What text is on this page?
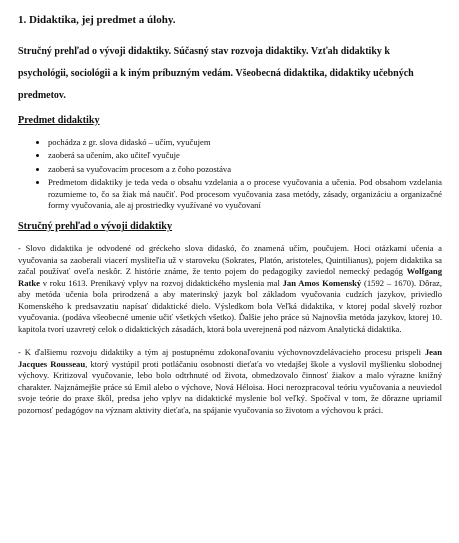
1. Didaktika, jej predmet a úlohy.
Stručný prehľad o vývoji didaktiky. Súčasný stav rozvoja didaktiky. Vzťah didaktiky k psychológii, sociológii a k iným príbuzným vedám. Všeobecná didaktika, didaktiky učebných predmetov.
Predmet didaktiky
• pochádza z gr. slova didaskó – učím, vyučujem
• zaoberá sa učením, ako učiteľ vyučuje
• zaoberá sa vyučovacím procesom a z čoho pozostáva
• Predmetom didaktiky je teda veda o obsahu vzdelania a o procese vyučovania a učenia. Pod obsahom vzdelania rozumieme to, čo sa žiak má naučiť. Pod procesom vyučovania zasa metódy, zásady, organizáciu a organizačné formy vyučovania, ale aj prostriedky využívané vo vyučovaní
Stručný prehľad o vývoji didaktiky

- Slovo didaktika je odvodené od gréckeho slova didaskó, čo znamená učím, poučujem. Hoci otázkami učenia a vyučovania sa zaoberali viacerí mysliteľia už v staroveku (Sokrates, Platón, aristoteles, Quintilianus), pojem didaktika sa začal používať oveľa neskôr. Z histórie známe, že tento pojem do pedagogiky zaviedol nemecký pedagóg Wolfgang Ratke v roku 1613. Prenikavý vplyv na rozvoj didaktického myslenia mal Jan Amos Komenský (1592 – 1670). Dôraz, aby metóda učenia bola prirodzená a aby materinský jazyk bol základom vyučovania cudzích jazykov, priviedlo Komenského k predsavzatiu napísať didaktické dielo. Výsledkom bola Veľká didaktika, v ktorej podal skvelý rozbor vyučovania. (podáva všeobecné umenie učiť všetkých všetko). Ďalšie jeho práce sú Najnovšia metóda jazykov, ktorej 10. kapitola tvorí uzavretý celok o didaktických zásadách, ktorá bola uverejnená pod názvom Analytická didaktika.

- K ďalšiemu rozvoju didaktiky a tým aj postupnému zdokonaľovaniu výchovnovzdelávacieho procesu prispeli Jean Jacques Rousseau, ktorý vystúpil proti potláčaniu osobnosti dieťaťa vo vtedajšej škole a vyslovil myšlienku slobodnej výchovy. Kritizoval vyučovanie, lebo bolo odtrhnuté od života, obmedzovalo činnosť žiakov a malo výrazne knižný charakter. Najznámejšie práce sú Emil alebo o výchove, Nová Héloisa. Hoci nerozpracoval teóriu vyučovania a neuviedol svoje teórie do praxe škôl, predsa jeho vplyv na didaktické myslenie bol veľký. Spočíval v tom, že dôrazne upriamil pozornosť pedagógov na význam aktivity dieťaťa, na spájanie vyučovania so životom a výchovou k práci.
